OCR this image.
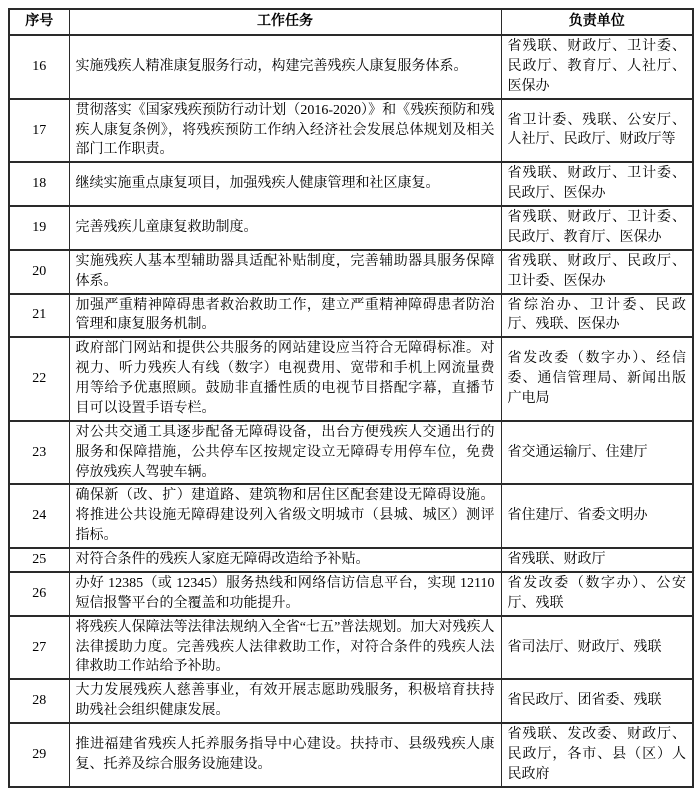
序号	工作任务	负责单位
16	实施残疾人精准康复服务行动，构建完善残疾人康复服务体系。	省残联、财政厅、卫计委、民政厅、教育厅、人社厅、医保办
17	贯彻落实《国家残疾预防行动计划（2016-2020）》和《残疾预防和残疾人康复条例》，将残疾预防工作纳入经济社会发展总体规划及相关部门工作职责。	省卫计委、残联、公安厅、人社厅、民政厅、财政厅等
18	继续实施重点康复项目，加强残疾人健康管理和社区康复。	省残联、财政厅、卫计委、民政厅、医保办
19	完善残疾儿童康复救助制度。	省残联、财政厅、卫计委、民政厅、教育厅、医保办
20	实施残疾人基本型辅助器具适配补贴制度，完善辅助器具服务保障体系。	省残联、财政厅、民政厅、卫计委、医保办
21	加强严重精神障碍患者救治救助工作，建立严重精神障碍患者防治管理和康复服务机制。	省综治办、卫计委、民政厅、残联、医保办
22	政府部门网站和提供公共服务的网站建设应当符合无障碍标准。对视力、听力残疾人有线（数字）电视费用、宽带和手机上网流量费用等给予优惠照顾。鼓励非直播性质的电视节目搭配字幕，直播节目可以设置手语专栏。	省发改委（数字办）、经信委、通信管理局、新闻出版广电局
23	对公共交通工具逐步配备无障碍设备，出台方便残疾人交通出行的服务和保障措施，公共停车区按规定设立无障碍专用停车位，免费停放残疾人驾驶车辆。	省交通运输厅、住建厅
24	确保新（改、扩）建道路、建筑物和居住区配套建设无障碍设施。将推进公共设施无障碍建设列入省级文明城市（县城、城区）测评指标。	省住建厅、省委文明办
25	对符合条件的残疾人家庭无障碍改造给予补贴。	省残联、财政厅
26	办好 12385（或 12345）服务热线和网络信访信息平台，实现 12110 短信报警平台的全覆盖和功能提升。	省发改委（数字办）、公安厅、残联
27	将残疾人保障法等法律法规纳入全省“七五”普法规划。加大对残疾人法律援助力度。完善残疾人法律救助工作，对符合条件的残疾人法律救助工作站给予补助。	省司法厅、财政厅、残联
28	大力发展残疾人慈善事业，有效开展志愿助残服务，积极培育扶持助残社会组织健康发展。	省民政厅、团省委、残联
29	推进福建省残疾人托养服务指导中心建设。扶持市、县级残疾人康复、托养及综合服务设施建设。	省残联、发改委、财政厅、民政厅，各市、县（区）人民政府
